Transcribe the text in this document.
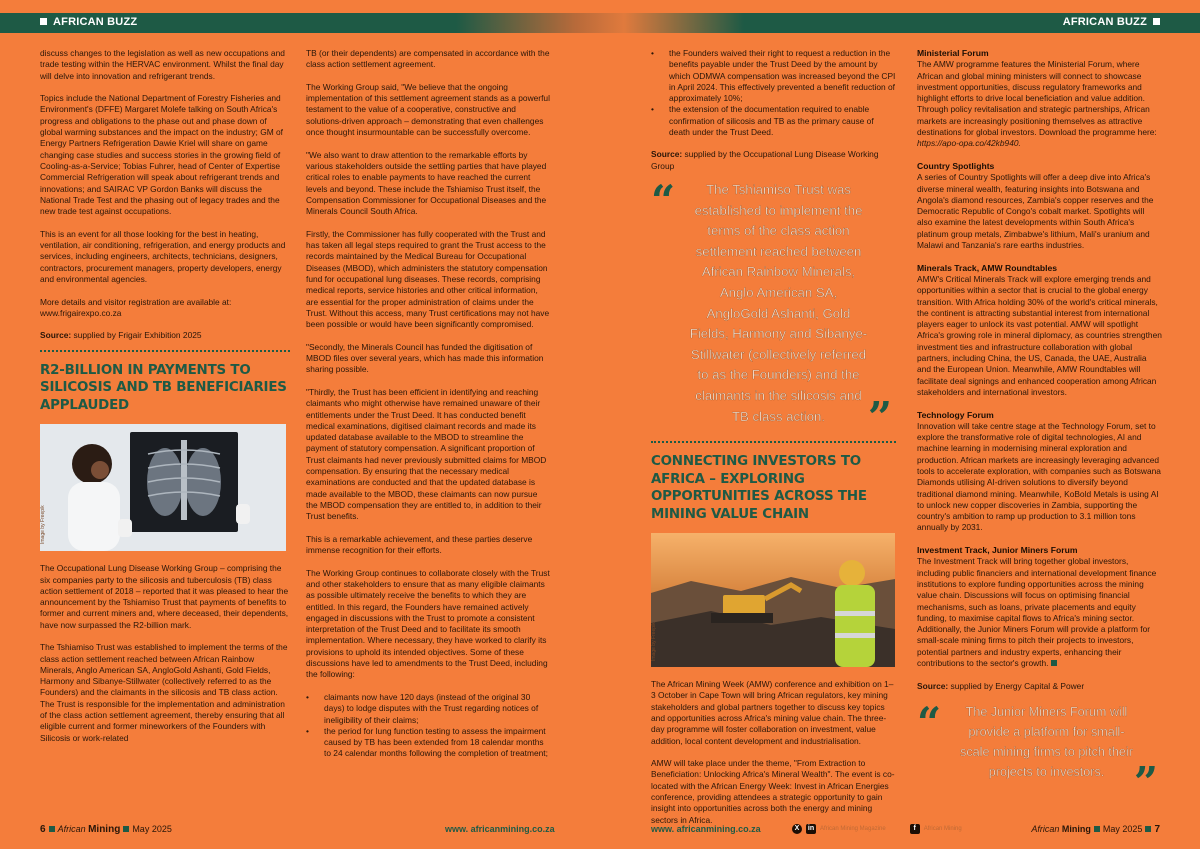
AFRICAN BUZZ	AFRICAN BUZZ

discuss changes to the legislation as well as new occupations and trade testing within the HERVAC environment. Whilst the final day will delve into innovation and refrigerant trends.

Topics include the National Department of Forestry Fisheries and Environment's (DFFE) Margaret Molefe talking on South Africa's progress and obligations to the phase out and phase down of global warming substances and the impact on the industry; GM of Energy Partners Refrigeration Dawie Kriel will share on game changing case studies and success stories in the growing field of Cooling-as-a-Service; Tobias Fuhrer, head of Center of Expertise Commercial Refrigeration will speak about refrigerant trends and innovations; and SAIRAC VP Gordon Banks will discuss the National Trade Test and the phasing out of legacy trades and the new trade test against occupations.

This is an event for all those looking for the best in heating, ventilation, air conditioning, refrigeration, and energy products and services, including engineers, architects, technicians, designers, contractors, procurement managers, property developers, energy and environmental agencies.

More details and visitor registration are available at: www.frigairexpo.co.za

Source: supplied by Frigair Exhibition 2025

R2-BILLION IN PAYMENTS TO SILICOSIS AND TB BENEFICIARIES APPLAUDED
Image by Freepik

The Occupational Lung Disease Working Group – comprising the six companies party to the silicosis and tuberculosis (TB) class action settlement of 2018 – reported that it was pleased to hear the announcement by the Tshiamiso Trust that payments of benefits to former and current miners and, where deceased, their dependents, have now surpassed the R2-billion mark.

The Tshiamiso Trust was established to implement the terms of the class action settlement reached between African Rainbow Minerals, Anglo American SA, AngloGold Ashanti, Gold Fields, Harmony and Sibanye-Stillwater (collectively referred to as the Founders) and the claimants in the silicosis and TB class action. The Trust is responsible for the implementation and administration of the class action settlement agreement, thereby ensuring that all eligible current and former mineworkers of the Founders with Silicosis or work-related

TB (or their dependents) are compensated in accordance with the class action settlement agreement.

The Working Group said, "We believe that the ongoing implementation of this settlement agreement stands as a powerful testament to the value of a cooperative, constructive and solutions-driven approach – demonstrating that even challenges once thought insurmountable can be successfully overcome.

"We also want to draw attention to the remarkable efforts by various stakeholders outside the settling parties that have played critical roles to enable payments to have reached the current levels and beyond. These include the Tshiamiso Trust itself, the Compensation Commissioner for Occupational Diseases and the Minerals Council South Africa.

Firstly, the Commissioner has fully cooperated with the Trust and has taken all legal steps required to grant the Trust access to the records maintained by the Medical Bureau for Occupational Diseases (MBOD), which administers the statutory compensation fund for occupational lung diseases. These records, comprising medical reports, service histories and other critical information, are essential for the proper administration of claims under the Trust. Without this access, many Trust certifications may not have been possible or would have been significantly compromised.

"Secondly, the Minerals Council has funded the digitisation of MBOD files over several years, which has made this information sharing possible.

"Thirdly, the Trust has been efficient in identifying and reaching claimants who might otherwise have remained unaware of their entitlements under the Trust Deed. It has conducted benefit medical examinations, digitised claimant records and made its updated database available to the MBOD to streamline the payment of statutory compensation. A significant proportion of Trust claimants had never previously submitted claims for MBOD compensation. By ensuring that the necessary medical examinations are conducted and that the updated database is made available to the MBOD, these claimants can now pursue the MBOD compensation they are entitled to, in addition to their Trust benefits.

This is a remarkable achievement, and these parties deserve immense recognition for their efforts.

The Working Group continues to collaborate closely with the Trust and other stakeholders to ensure that as many eligible claimants as possible ultimately receive the benefits to which they are entitled. In this regard, the Founders have remained actively engaged in discussions with the Trust to promote a consistent interpretation of the Trust Deed and to facilitate its smooth implementation. Where necessary, they have worked to clarify its provisions to uphold its intended objectives. Some of these discussions have led to amendments to the Trust Deed, including the following:

• claimants now have 120 days (instead of the original 30 days) to lodge disputes with the Trust regarding notices of ineligibility of their claims;
• the period for lung function testing to assess the impairment caused by TB has been extended from 18 calendar months to 24 calendar months following the completion of treatment;
• the Founders waived their right to request a reduction in the benefits payable under the Trust Deed by the amount by which ODMWA compensation was increased beyond the CPI in April 2024. This effectively prevented a benefit reduction of approximately 10%;
• the extension of the documentation required to enable confirmation of silicosis and TB as the primary cause of death under the Trust Deed.

Source: supplied by the Occupational Lung Disease Working Group

“	The Tshiamiso Trust was established to implement the terms of the class action settlement reached between African Rainbow Minerals, Anglo American SA, AngloGold Ashanti, Gold Fields, Harmony and Sibanye-Stillwater (collectively referred to as the Founders) and the claimants in the silicosis and TB class action.	”
CONNECTING INVESTORS TO AFRICA – EXPLORING OPPORTUNITIES ACROSS THE MINING VALUE CHAIN
Image by Freepik

The African Mining Week (AMW) conference and exhibition on 1–3 October in Cape Town will bring African regulators, key mining stakeholders and global partners together to discuss key topics and opportunities across Africa's mining value chain. The three-day programme will foster collaboration on investment, value addition, local content development and industrialisation.

AMW will take place under the theme, "From Extraction to Beneficiation: Unlocking Africa's Mineral Wealth". The event is co-located with the African Energy Week: Invest in African Energies conference, providing attendees a strategic opportunity to gain insight into opportunities across both the energy and mining sectors in Africa.

Ministerial Forum
The AMW programme features the Ministerial Forum, where African and global mining ministers will connect to showcase investment opportunities, discuss regulatory frameworks and highlight efforts to drive local beneficiation and value addition. Through policy revitalisation and strategic partnerships, African markets are increasingly positioning themselves as attractive destinations for global investors. Download the programme here: https://apo-opa.co/42kb940.
Country Spotlights
A series of Country Spotlights will offer a deep dive into Africa's diverse mineral wealth, featuring insights into Botswana and Angola's diamond resources, Zambia's copper reserves and the Democratic Republic of Congo's cobalt market. Spotlights will also examine the latest developments within South Africa's platinum group metals, Zimbabwe's lithium, Mali's uranium and Malawi and Tanzania's rare earths industries.
Minerals Track, AMW Roundtables
AMW's Critical Minerals Track will explore emerging trends and opportunities within a sector that is crucial to the global energy transition. With Africa holding 30% of the world's critical minerals, the continent is attracting substantial interest from international players eager to unlock its vast potential. AMW will spotlight Africa's growing role in mineral diplomacy, as countries strengthen investment ties and infrastructure collaboration with global partners, including China, the US, Canada, the UAE, Australia and the European Union. Meanwhile, AMW Roundtables will facilitate deal signings and enhanced cooperation among African stakeholders and international investors.
Technology Forum
Innovation will take centre stage at the Technology Forum, set to explore the transformative role of digital technologies, AI and machine learning in modernising mineral exploration and production. African markets are increasingly leveraging advanced tools to accelerate exploration, with companies such as Botswana Diamonds utilising AI-driven solutions to diversify beyond traditional diamond mining. Meanwhile, KoBold Metals is using AI to unlock new copper discoveries in Zambia, supporting the country's ambition to ramp up production to 3.1 million tons annually by 2031.
Investment Track, Junior Miners Forum
The Investment Track will bring together global investors, including public financiers and international development finance institutions to explore funding opportunities across the mining value chain. Discussions will focus on optimising financial mechanisms, such as loans, private placements and equity funding, to maximise capital flows to Africa's mining sector. Additionally, the Junior Miners Forum will provide a platform for small-scale mining firms to pitch their projects to investors, potential partners and industry experts, enhancing their contributions to the sector's growth.

Source: supplied by Energy Capital & Power

“	The Junior Miners Forum will provide a platform for small-scale mining firms to pitch their projects to investors. ”
6 African Mining May 2025	www. africanmining.co.za	www. africanmining.co.za	X	in African Mining Magazine	f	African Mining	African Mining May 2025 7
